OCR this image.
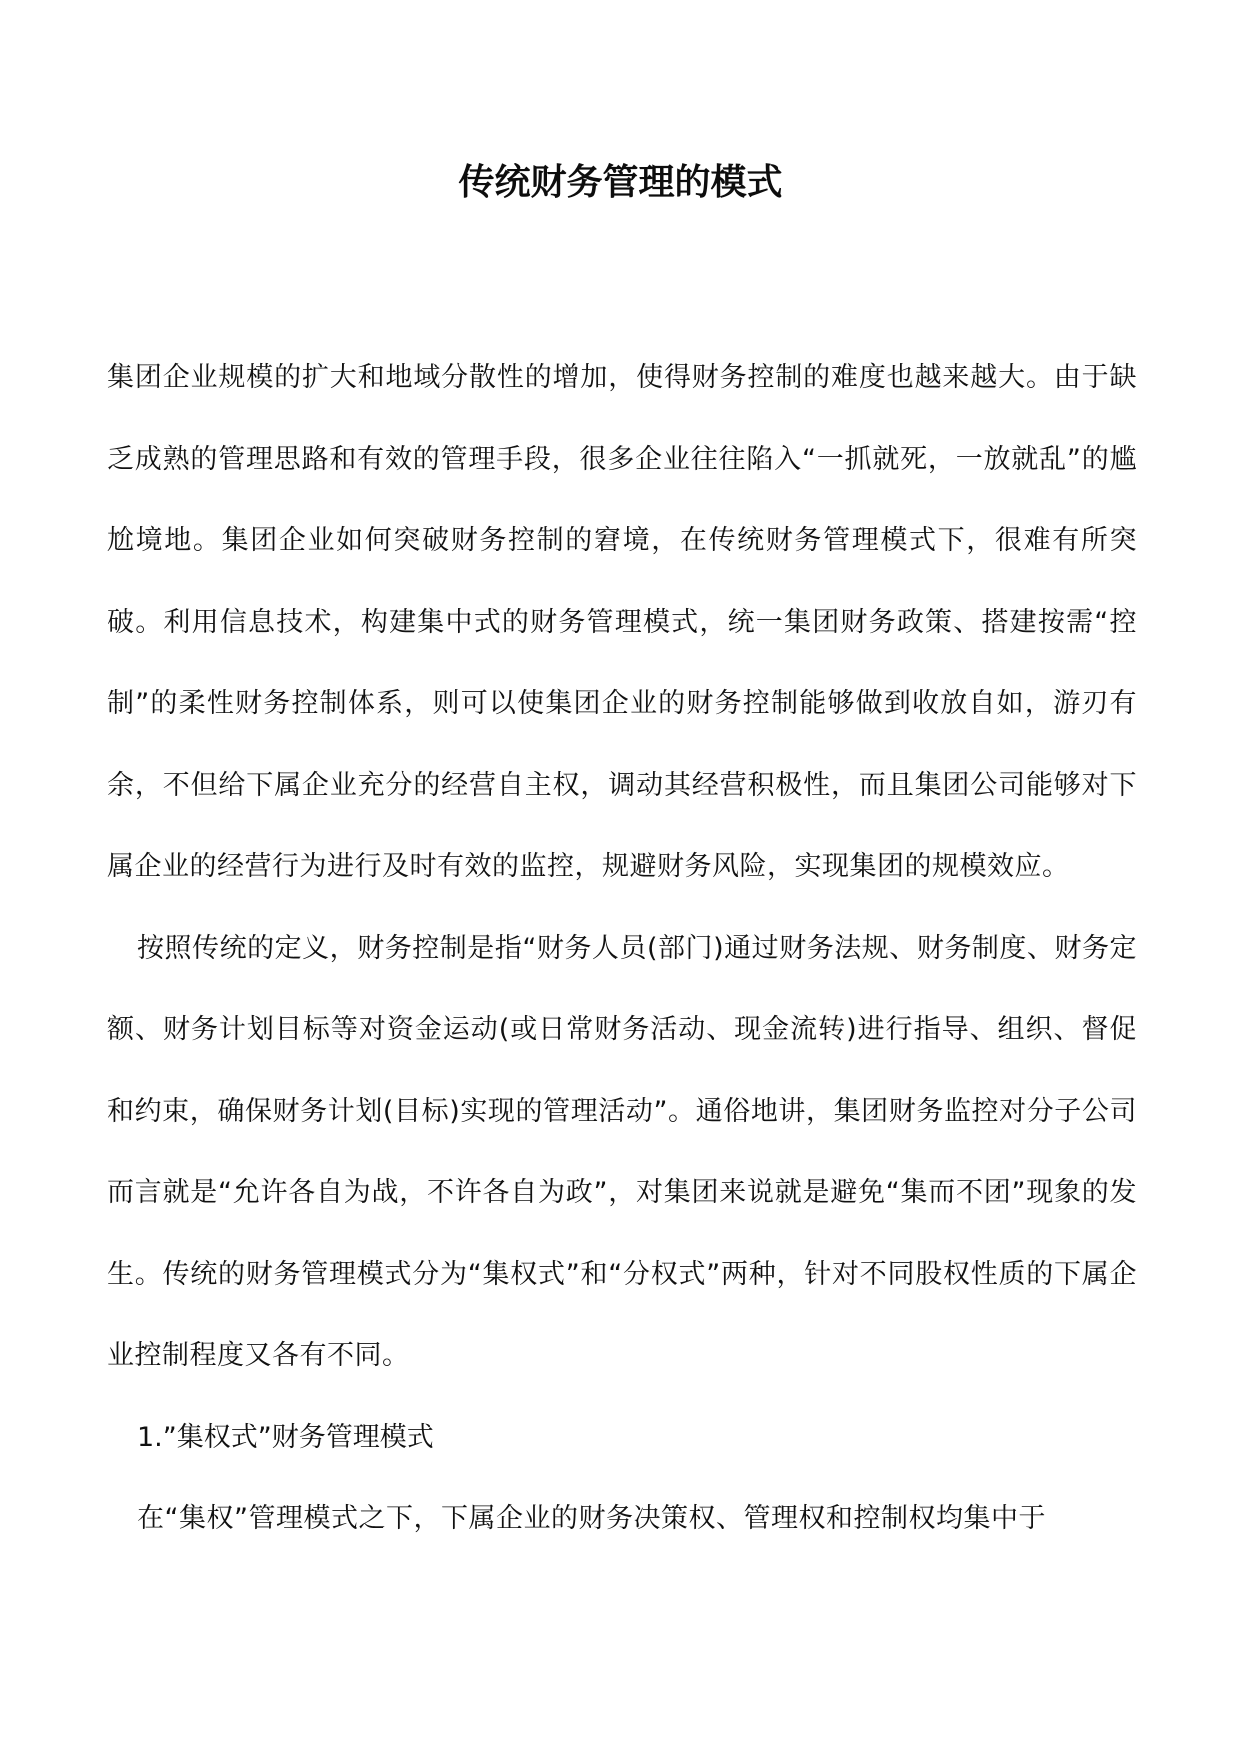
传统财务管理的模式

集团企业规模的扩大和地域分散性的增加，使得财务控制的难度也越来越大。由于缺乏成熟的管理思路和有效的管理手段，很多企业往往陷入“一抓就死，一放就乱”的尴尬境地。集团企业如何突破财务控制的窘境，在传统财务管理模式下，很难有所突破。利用信息技术，构建集中式的财务管理模式，统一集团财务政策、搭建按需“控制”的柔性财务控制体系，则可以使集团企业的财务控制能够做到收放自如，游刃有余，不但给下属企业充分的经营自主权，调动其经营积极性，而且集团公司能够对下属企业的经营行为进行及时有效的监控，规避财务风险，实现集团的规模效应。

按照传统的定义，财务控制是指“财务人员(部门)通过财务法规、财务制度、财务定额、财务计划目标等对资金运动(或日常财务活动、现金流转)进行指导、组织、督促和约束，确保财务计划(目标)实现的管理活动”。通俗地讲，集团财务监控对分子公司而言就是“允许各自为战，不许各自为政”，对集团来说就是避免“集而不团”现象的发生。传统的财务管理模式分为“集权式”和“分权式”两种，针对不同股权性质的下属企业控制程度又各有不同。

1.”集权式”财务管理模式

在“集权”管理模式之下，下属企业的财务决策权、管理权和控制权均集中于
